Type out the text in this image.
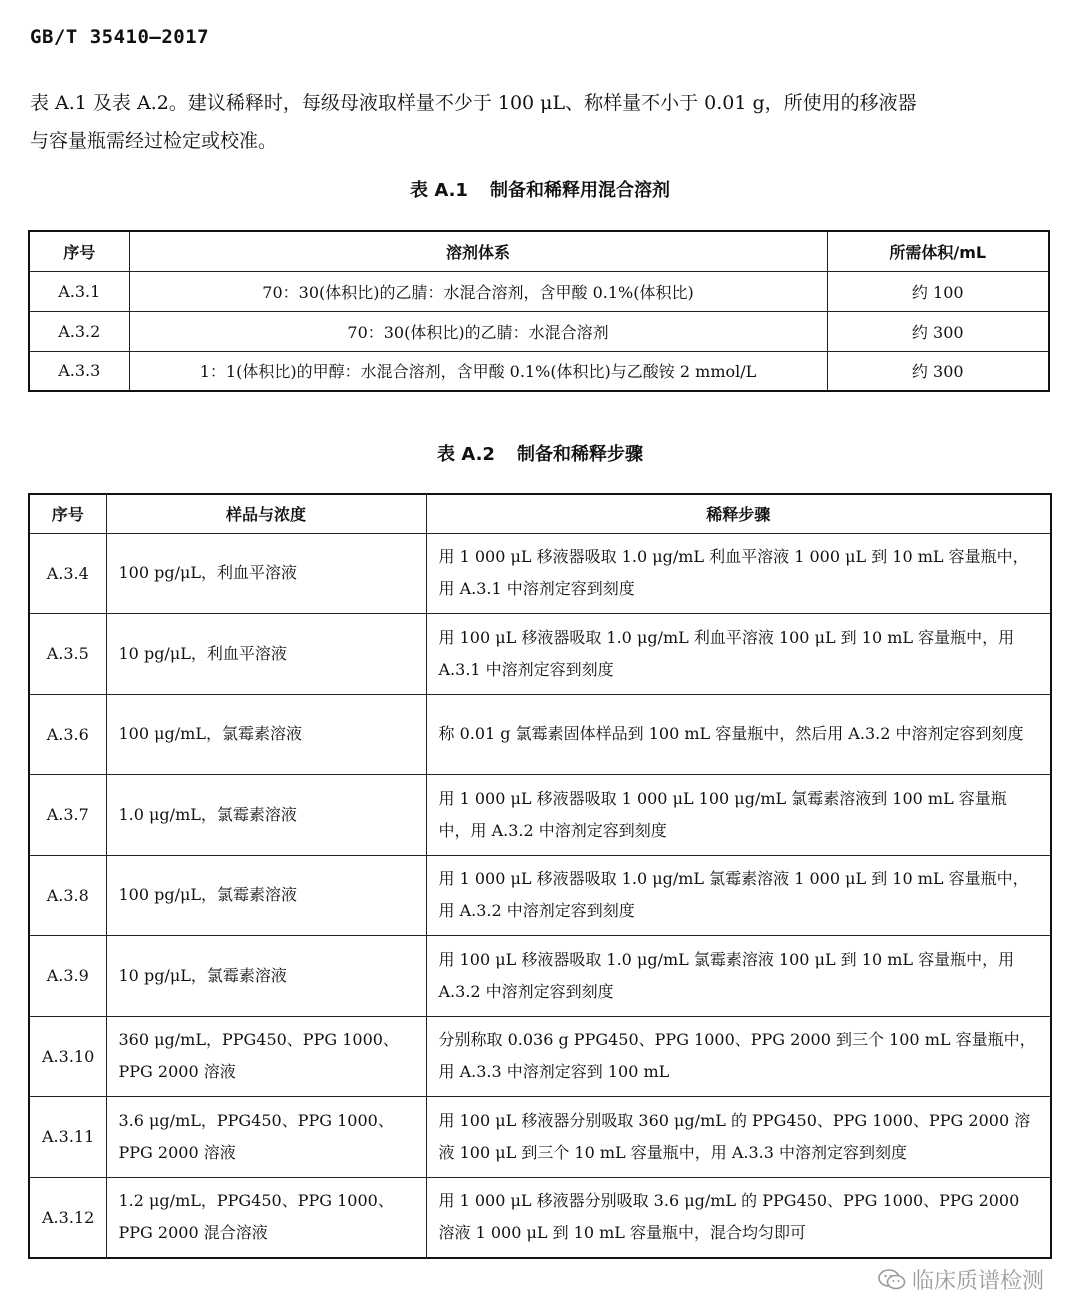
GB/T 35410—2017
表 A.1 及表 A.2。建议稀释时，每级母液取样量不少于 100 μL、称样量不小于 0.01 g，所使用的移液器
与容量瓶需经过检定或校准。
表 A.1 制备和稀释用混合溶剂
序号	溶剂体系	所需体积/mL
A.3.1	70：30(体积比)的乙腈：水混合溶剂，含甲酸 0.1%(体积比)	约 100
A.3.2	70：30(体积比)的乙腈：水混合溶剂	约 300
A.3.3	1：1(体积比)的甲醇：水混合溶剂，含甲酸 0.1%(体积比)与乙酸铵 2 mmol/L	约 300
表 A.2 制备和稀释步骤
序号	样品与浓度	稀释步骤
A.3.4	100 pg/μL，利血平溶液	用 1 000 μL 移液器吸取 1.0 μg/mL 利血平溶液 1 000 μL 到 10 mL 容量瓶中，用 A.3.1 中溶剂定容到刻度
A.3.5	10 pg/μL，利血平溶液	用 100 μL 移液器吸取 1.0 μg/mL 利血平溶液 100 μL 到 10 mL 容量瓶中，用 A.3.1 中溶剂定容到刻度
A.3.6	100 μg/mL，氯霉素溶液	称 0.01 g 氯霉素固体样品到 100 mL 容量瓶中，然后用 A.3.2 中溶剂定容到刻度
A.3.7	1.0 μg/mL，氯霉素溶液	用 1 000 μL 移液器吸取 1 000 μL 100 μg/mL 氯霉素溶液到 100 mL 容量瓶中，用 A.3.2 中溶剂定容到刻度
A.3.8	100 pg/μL，氯霉素溶液	用 1 000 μL 移液器吸取 1.0 μg/mL 氯霉素溶液 1 000 μL 到 10 mL 容量瓶中，用 A.3.2 中溶剂定容到刻度
A.3.9	10 pg/μL，氯霉素溶液	用 100 μL 移液器吸取 1.0 μg/mL 氯霉素溶液 100 μL 到 10 mL 容量瓶中，用 A.3.2 中溶剂定容到刻度
A.3.10	360 μg/mL，PPG450、PPG 1000、PPG 2000 溶液	分别称取 0.036 g PPG450、PPG 1000、PPG 2000 到三个 100 mL 容量瓶中，用 A.3.3 中溶剂定容到 100 mL
A.3.11	3.6 μg/mL，PPG450、PPG 1000、PPG 2000 溶液	用 100 μL 移液器分别吸取 360 μg/mL 的 PPG450、PPG 1000、PPG 2000 溶液 100 μL 到三个 10 mL 容量瓶中，用 A.3.3 中溶剂定容到刻度
A.3.12	1.2 μg/mL，PPG450、PPG 1000、PPG 2000 混合溶液	用 1 000 μL 移液器分别吸取 3.6 μg/mL 的 PPG450、PPG 1000、PPG 2000 溶液 1 000 μL 到 10 mL 容量瓶中，混合均匀即可
临床质谱检测
